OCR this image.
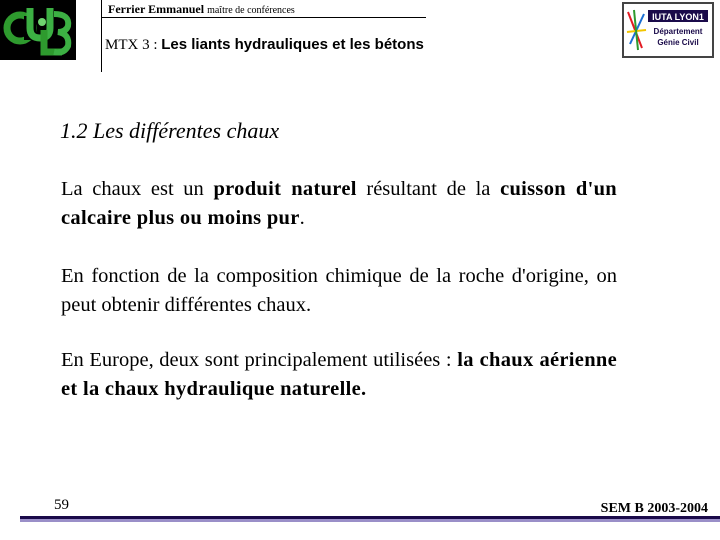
Ferrier Emmanuel maître de conférences
MTX 3 : Les liants hydrauliques et les bétons
IUTA LYON1
Département
Génie Civil
1.2 Les différentes chaux
La chaux est un produit naturel résultant de la cuisson d'un calcaire plus ou moins pur.
En fonction de la composition chimique de la roche d'origine, on peut obtenir différentes chaux.
En Europe, deux sont principalement utilisées : la chaux aérienne et la chaux hydraulique naturelle.
59	SEM B 2003-2004
